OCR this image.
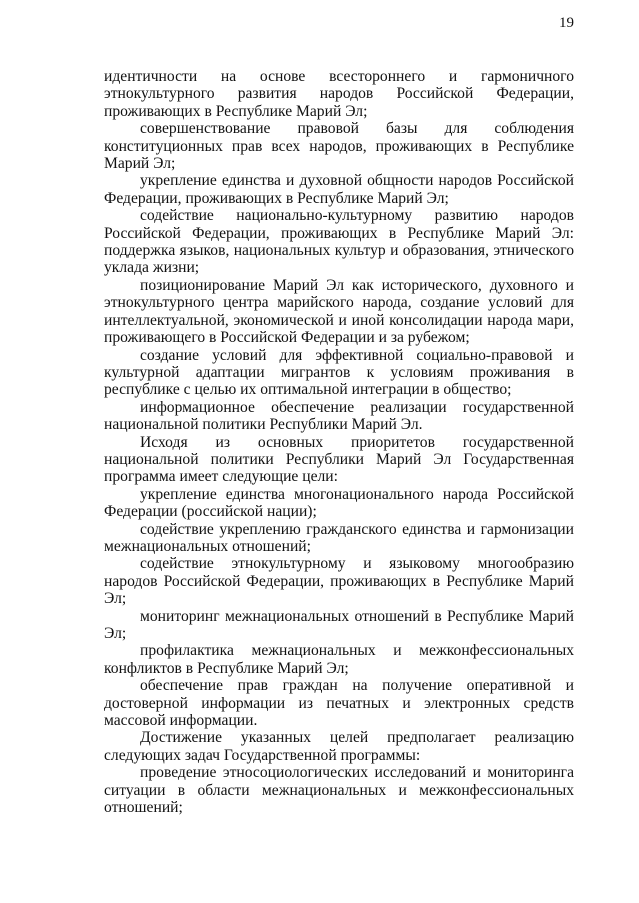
19

идентичности на основе всестороннего и гармоничного этнокультурного развития народов Российской Федерации, проживающих в Республике Марий Эл;

совершенствование правовой базы для соблюдения конституционных прав всех народов, проживающих в Республике Марий Эл;

укрепление единства и духовной общности народов Российской Федерации, проживающих в Республике Марий Эл;

содействие национально-культурному развитию народов Российской Федерации, проживающих в Республике Марий Эл: поддержка языков, национальных культур и образования, этнического уклада жизни;

позиционирование Марий Эл как исторического, духовного и этнокультурного центра марийского народа, создание условий для интеллектуальной, экономической и иной консолидации народа мари, проживающего в Российской Федерации и за рубежом;

создание условий для эффективной социально-правовой и культурной адаптации мигрантов к условиям проживания в республике с целью их оптимальной интеграции в общество;

информационное обеспечение реализации государственной национальной политики Республики Марий Эл.

Исходя из основных приоритетов государственной национальной политики Республики Марий Эл Государственная программа имеет следующие цели:

укрепление единства многонационального народа Российской Федерации (российской нации);

содействие укреплению гражданского единства и гармонизации межнациональных отношений;

содействие этнокультурному и языковому многообразию народов Российской Федерации, проживающих в Республике Марий Эл;

мониторинг межнациональных отношений в Республике Марий Эл;

профилактика межнациональных и межконфессиональных конфликтов в Республике Марий Эл;

обеспечение прав граждан на получение оперативной и достоверной информации из печатных и электронных средств массовой информации.

Достижение указанных целей предполагает реализацию следующих задач Государственной программы:

проведение этносоциологических исследований и мониторинга ситуации в области межнациональных и межконфессиональных отношений;
